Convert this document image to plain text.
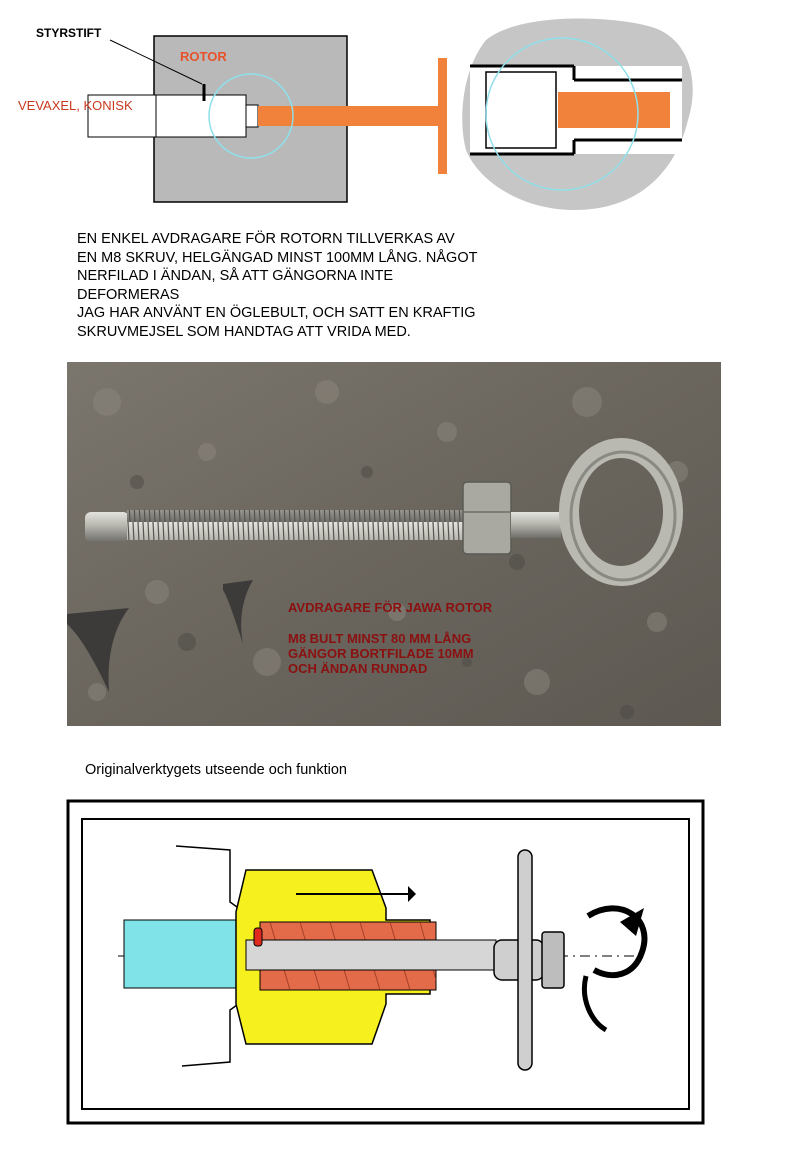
STYRSTIFT
ROTOR
VEVAXEL, KONISK
EN ENKEL AVDRAGARE FÖR ROTORN TILLVERKAS AV
EN M8 SKRUV, HELGÄNGAD MINST 100MM LÅNG. NÅGOT
NERFILAD I ÄNDAN, SÅ ATT GÄNGORNA INTE
DEFORMERAS
JAG HAR ANVÄNT EN ÖGLEBULT, OCH SATT EN KRAFTIG
SKRUVMEJSEL SOM HANDTAG ATT VRIDA MED.
AVDRAGARE FÖR JAWA ROTOR
M8 BULT MINST 80 MM LÅNG
GÄNGOR BORTFILADE 10MM
OCH ÄNDAN RUNDAD
Originalverktygets utseende och funktion
